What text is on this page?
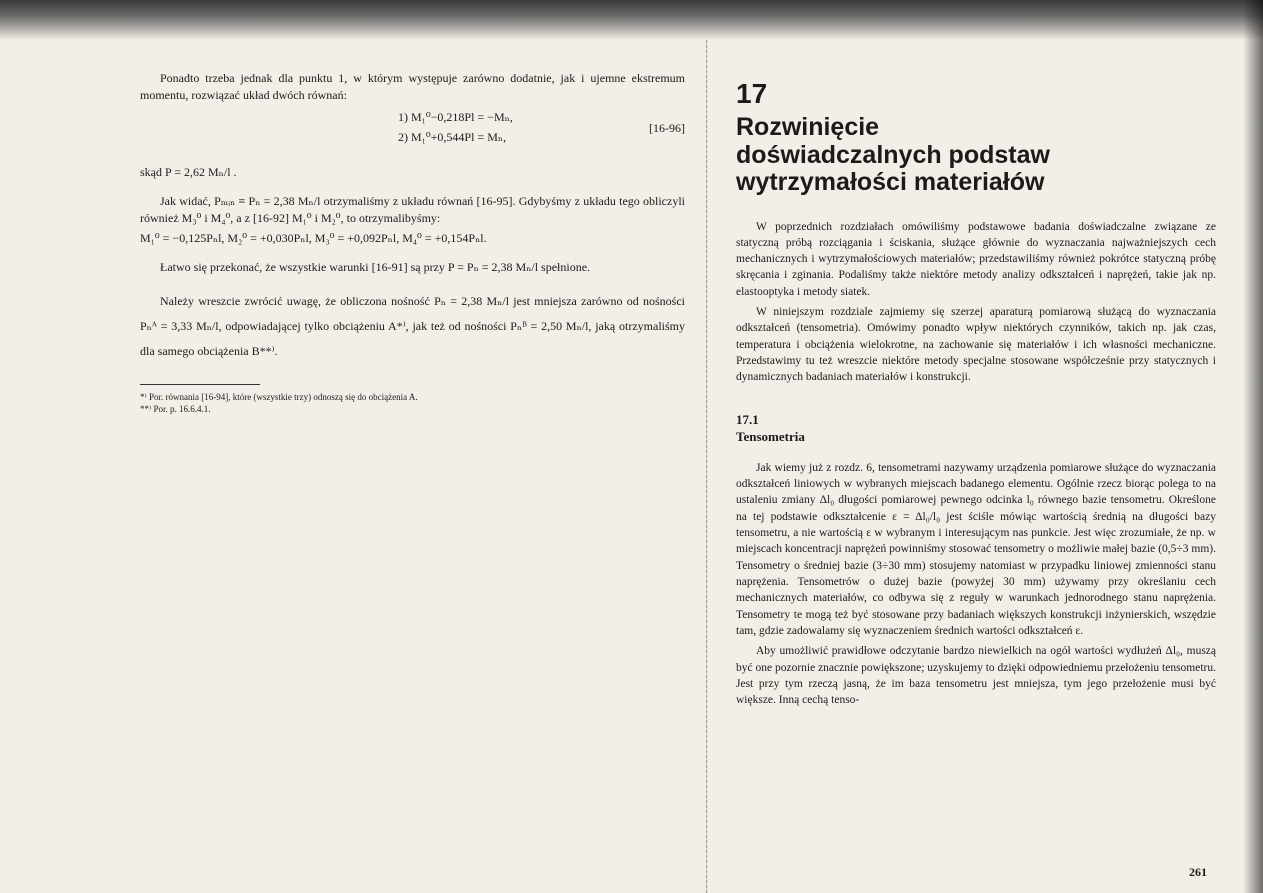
Ponadto trzeba jednak dla punktu 1, w którym występuje zarówno dodatnie, jak i ujemne ekstremum momentu, rozwiązać układ dwóch równań:

1) M₁⁰−0,218Pl = −Mₙ,
2) M₁⁰+0,544Pl = Mₙ,
[16-96]
skąd P = 2,62 Mₙ/l .

Jak widać, Pₘᵢₙ ≡ Pₙ = 2,38 Mₙ/l otrzymaliśmy z układu równań [16-95]. Gdybyśmy z układu tego obliczyli również M₃⁰ i M₄⁰, a z [16-92] M₁⁰ i M₂⁰, to otrzymalibyśmy:

M₁⁰ = −0,125Pₙl, M₂⁰ = +0,030Pₙl, M₃⁰ = +0,092Pₙl, M₄⁰ = +0,154Pₙl.

Łatwo się przekonać, że wszystkie warunki [16-91] są przy P = Pₙ = 2,38 Mₙ/l spełnione.

Należy wreszcie zwrócić uwagę, że obliczona nośność Pₙ = 2,38 Mₙ/l jest mniejsza zarówno od nośności Pₙᴬ = 3,33 Mₙ/l, odpowiadającej tylko obciążeniu A*⁾, jak też od nośności Pₙᴮ = 2,50 Mₙ/l, jaką otrzymaliśmy dla samego obciążenia B**⁾.

*⁾ Por. równania [16-94], które (wszystkie trzy) odnoszą się do obciążenia A.
**⁾ Por. p. 16.6.4.1.
17
Rozwinięcie
doświadczalnych podstaw
wytrzymałości materiałów

W poprzednich rozdziałach omówiliśmy podstawowe badania doświadczalne związane ze statyczną próbą rozciągania i ściskania, służące głównie do wyznaczania najważniejszych cech mechanicznych i wytrzymałościowych materiałów; przedstawiliśmy również pokrótce statyczną próbę skręcania i zginania. Podaliśmy także niektóre metody analizy odkształceń i naprężeń, takie jak np. elastooptyka i metody siatek.

W niniejszym rozdziale zajmiemy się szerzej aparaturą pomiarową służącą do wyznaczania odkształceń (tensometria). Omówimy ponadto wpływ niektórych czynników, takich np. jak czas, temperatura i obciążenia wielokrotne, na zachowanie się materiałów i ich własności mechaniczne. Przedstawimy tu też wreszcie niektóre metody specjalne stosowane współcześnie przy statycznych i dynamicznych badaniach materiałów i konstrukcji.

17.1
Tensometria

Jak wiemy już z rozdz. 6, tensometrami nazywamy urządzenia pomiarowe służące do wyznaczania odkształceń liniowych w wybranych miejscach badanego elementu. Ogólnie rzecz biorąc polega to na ustaleniu zmiany Δl₀ długości pomiarowej pewnego odcinka l₀ równego bazie tensometru. Określone na tej podstawie odkształcenie ε = Δl₀/l₀ jest ściśle mówiąc wartością średnią na długości bazy tensometru, a nie wartością ε w wybranym i interesującym nas punkcie. Jest więc zrozumiałe, że np. w miejscach koncentracji naprężeń powinniśmy stosować tensometry o możliwie małej bazie (0,5÷3 mm). Tensometry o średniej bazie (3÷30 mm) stosujemy natomiast w przypadku liniowej zmienności stanu naprężenia. Tensometrów o dużej bazie (powyżej 30 mm) używamy przy określaniu cech mechanicznych materiałów, co odbywa się z reguły w warunkach jednorodnego stanu naprężenia. Tensometry te mogą też być stosowane przy badaniach większych konstrukcji inżynierskich, wszędzie tam, gdzie zadowalamy się wyznaczeniem średnich wartości odkształceń ε.

Aby umożliwić prawidłowe odczytanie bardzo niewielkich na ogół wartości wydłużeń Δl₀, muszą być one pozornie znacznie powiększone; uzyskujemy to dzięki odpowiedniemu przełożeniu tensometru. Jest przy tym rzeczą jasną, że im baza tensometru jest mniejsza, tym jego przełożenie musi być większe. Inną cechą tenso-

261
